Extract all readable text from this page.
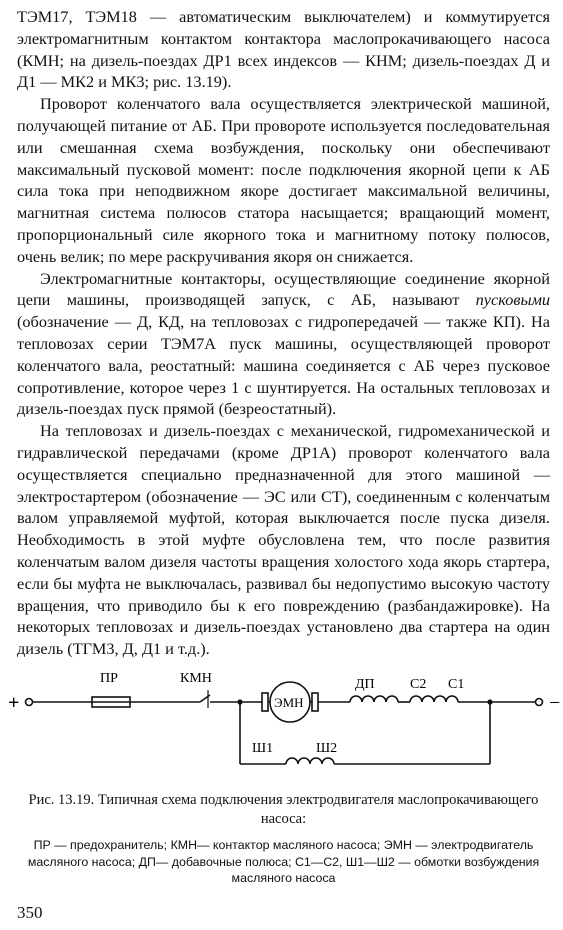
ТЭМ17, ТЭМ18 — автоматическим выключателем) и коммутируется электромагнитным контактом контактора маслопрокачивающего насоса (КМН; на дизель-поездах ДР1 всех индексов — КНМ; дизель-поездах Д и Д1 — МК2 и МК3; рис. 13.19).

Проворот коленчатого вала осуществляется электрической машиной, получающей питание от АБ. При провороте используется последовательная или смешанная схема возбуждения, поскольку они обеспечивают максимальный пусковой момент: после подключения якорной цепи к АБ сила тока при неподвижном якоре достигает максимальной величины, магнитная система полюсов статора насыщается; вращающий момент, пропорциональный силе якорного тока и магнитному потоку полюсов, очень велик; по мере раскручивания якоря он снижается.

Электромагнитные контакторы, осуществляющие соединение якорной цепи машины, производящей запуск, с АБ, называют пусковыми (обозначение — Д, КД, на тепловозах с гидропередачей — также КП). На тепловозах серии ТЭМ7А пуск машины, осуществляющей проворот коленчатого вала, реостатный: машина соединяется с АБ через пусковое сопротивление, которое через 1 с шунтируется. На остальных тепловозах и дизель-поездах пуск прямой (безреостатный).

На тепловозах и дизель-поездах с механической, гидромеханической и гидравлической передачами (кроме ДР1А) проворот коленчатого вала осуществляется специально предназначенной для этого машиной — электростартером (обозначение — ЭС или СТ), соединенным с коленчатым валом управляемой муфтой, которая выключается после пуска дизеля. Необходимость в этой муфте обусловлена тем, что после развития коленчатым валом дизеля частоты вращения холостого хода якорь стартера, если бы муфта не выключалась, развивал бы недопустимо высокую частоту вращения, что приводило бы к его повреждению (разбандажировке). На некоторых тепловозах и дизель-поездах установлено два стартера на один дизель (ТГМ3, Д, Д1 и т.д.).

+	−
ПР	КМН
ЭМН
ДП	С2 С1
Ш1	Ш2
Рис. 13.19. Типичная схема подключения электродвигателя маслопрокачивающего насоса:
ПР — предохранитель; КМН— контактор масляного насоса; ЭМН — электродвигатель масляного насоса; ДП— добавочные полюса; С1—С2, Ш1—Ш2 — обмотки возбуждения масляного насоса
350
